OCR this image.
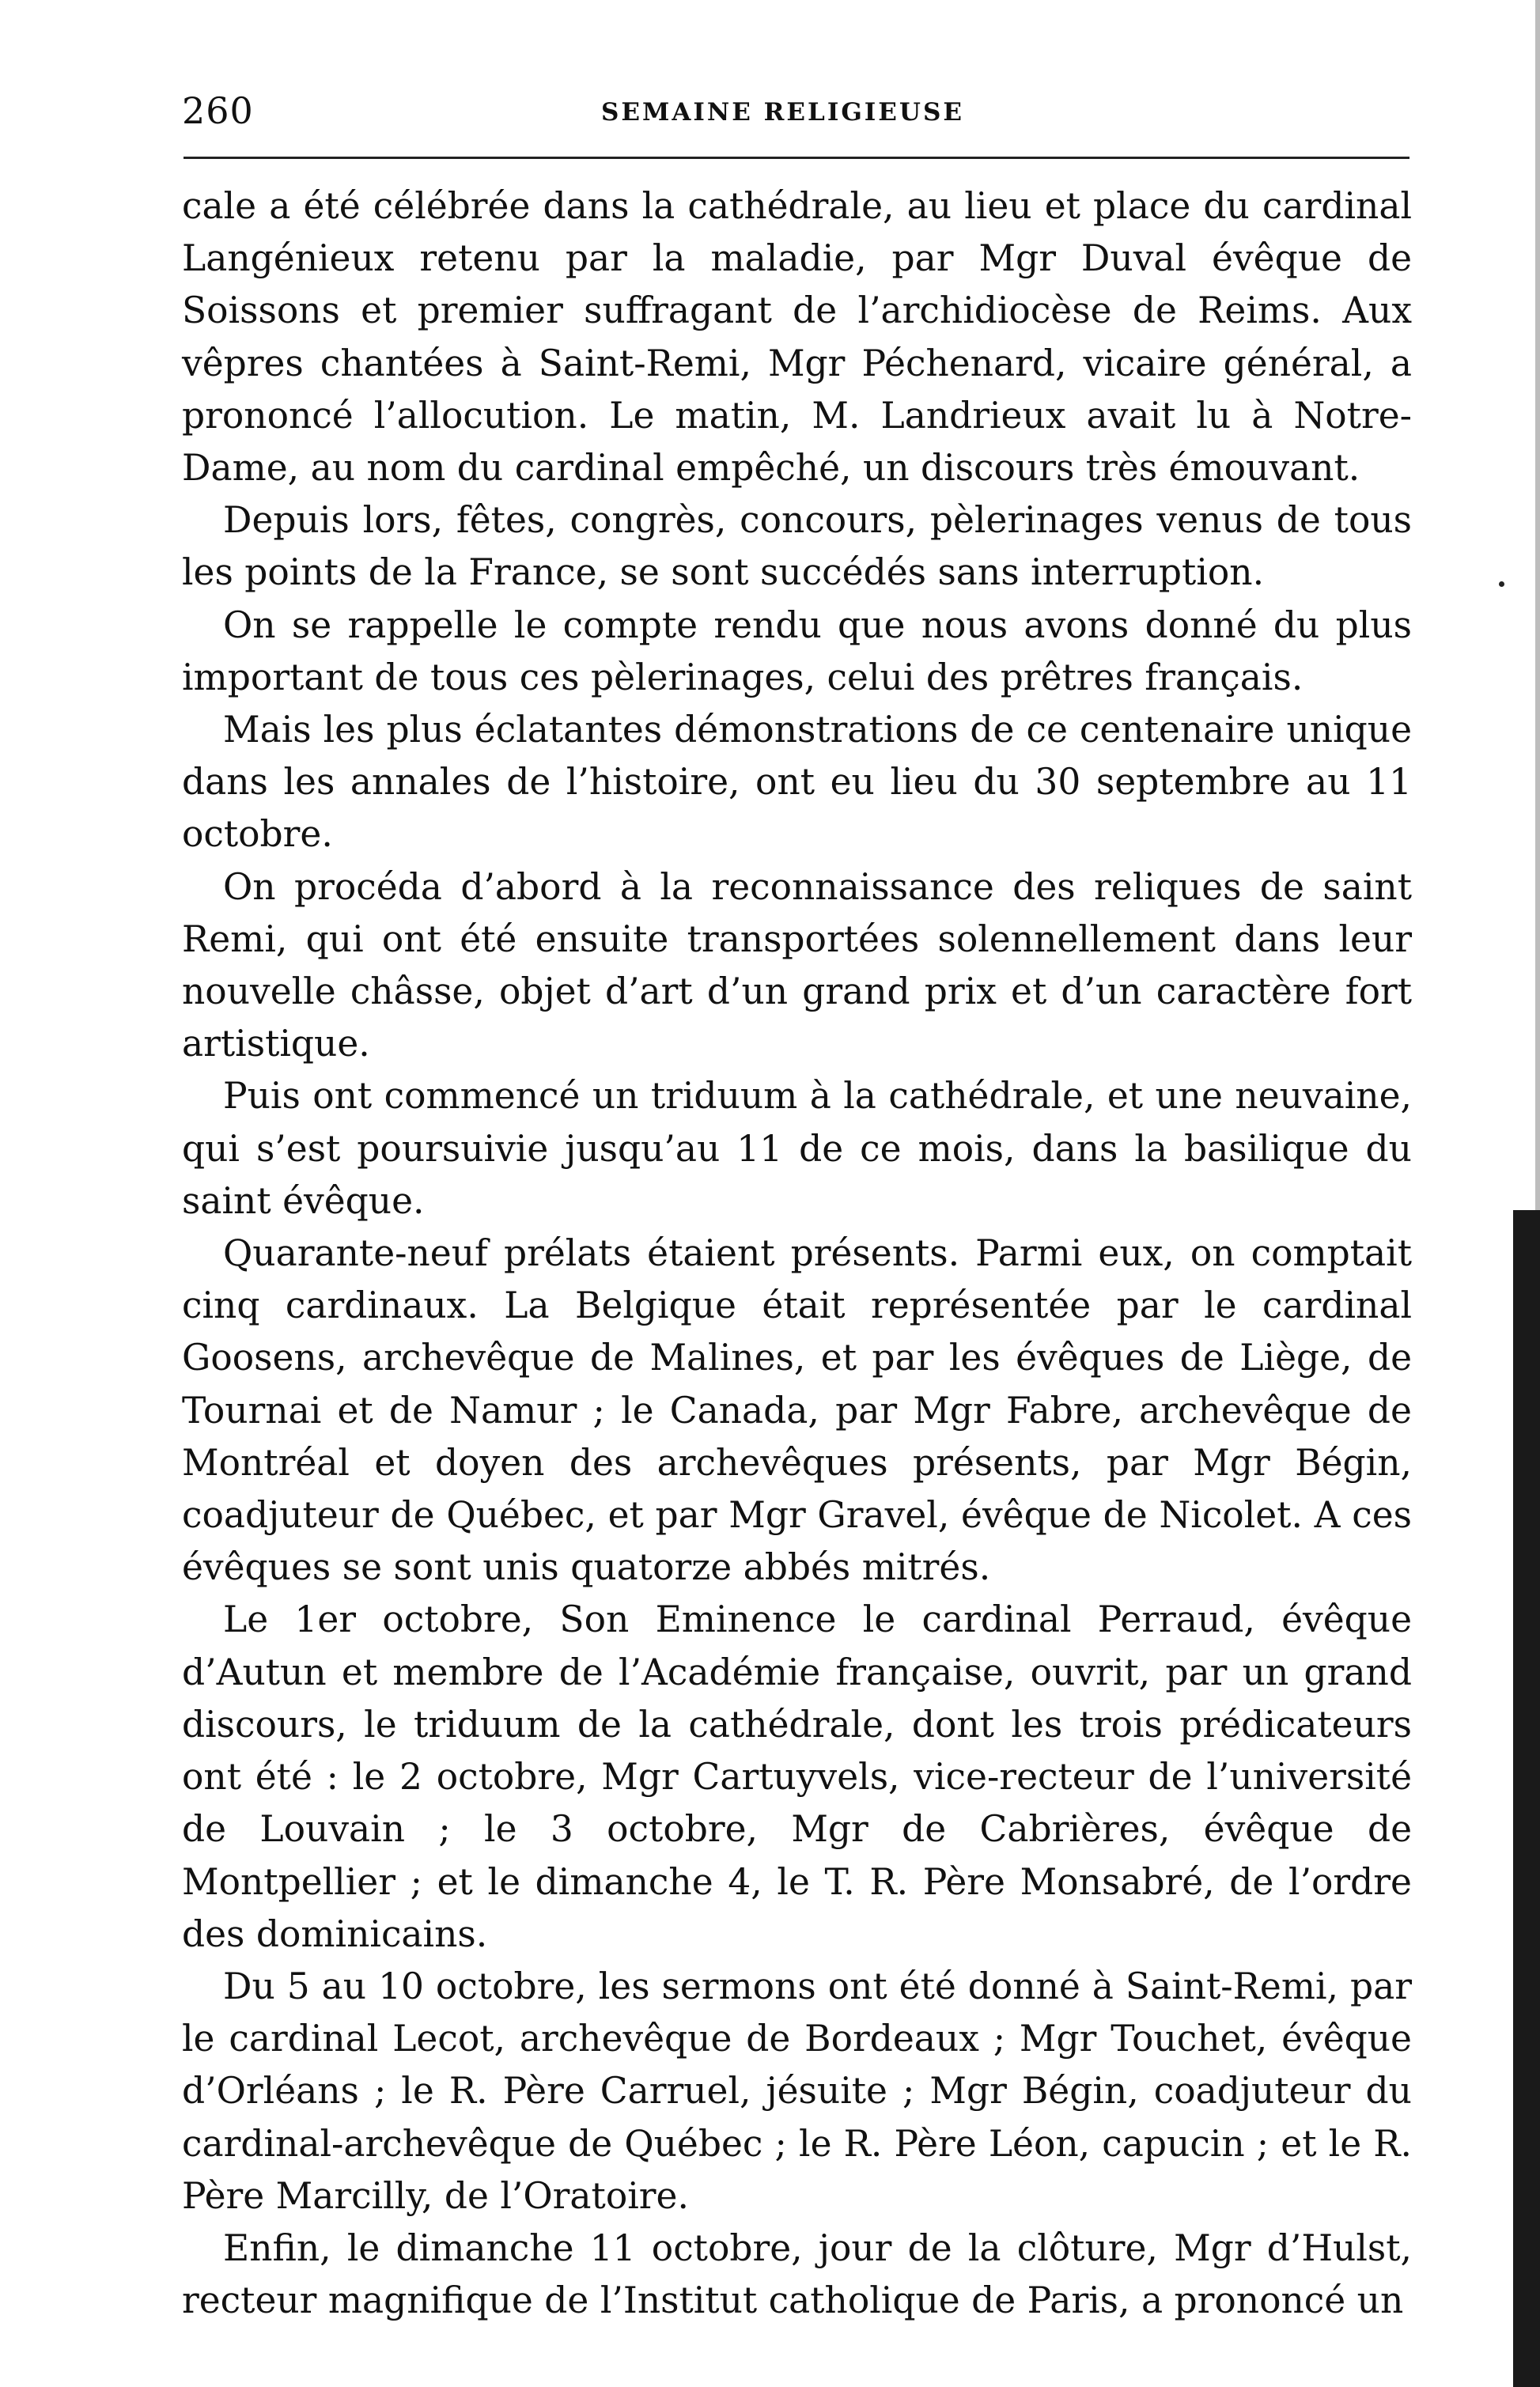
260	SEMAINE RELIGIEUSE

cale a été célébrée dans la cathédrale, au lieu et place du cardinal Langénieux retenu par la maladie, par Mgr Duval évêque de Soissons et premier suffragant de l’archidiocèse de Reims. Aux vêpres chantées à Saint-Remi, Mgr Péchenard, vicaire général, a prononcé l’allocution. Le matin, M. Landrieux avait lu à Notre-Dame, au nom du cardinal empêché, un discours très émouvant.

Depuis lors, fêtes, congrès, concours, pèlerinages venus de tous les points de la France, se sont succédés sans interruption.

On se rappelle le compte rendu que nous avons donné du plus important de tous ces pèlerinages, celui des prêtres français.

Mais les plus éclatantes démonstrations de ce centenaire unique dans les annales de l’histoire, ont eu lieu du 30 septembre au 11 octobre.

On procéda d’abord à la reconnaissance des reliques de saint Remi, qui ont été ensuite transportées solennellement dans leur nouvelle châsse, objet d’art d’un grand prix et d’un caractère fort artistique.

Puis ont commencé un triduum à la cathédrale, et une neuvaine, qui s’est poursuivie jusqu’au 11 de ce mois, dans la basilique du saint évêque.

Quarante-neuf prélats étaient présents. Parmi eux, on comptait cinq cardinaux. La Belgique était représentée par le cardinal Goosens, archevêque de Malines, et par les évêques de Liège, de Tournai et de Namur ; le Canada, par Mgr Fabre, archevêque de Montréal et doyen des archevêques présents, par Mgr Bégin, coadjuteur de Québec, et par Mgr Gravel, évêque de Nicolet. A ces évêques se sont unis quatorze abbés mitrés.

Le 1er octobre, Son Eminence le cardinal Perraud, évêque d’Autun et membre de l’Académie française, ouvrit, par un grand discours, le triduum de la cathédrale, dont les trois prédicateurs ont été : le 2 octobre, Mgr Cartuyvels, vice-recteur de l’université de Louvain ; le 3 octobre, Mgr de Cabrières, évêque de Montpellier ; et le dimanche 4, le T. R. Père Monsabré, de l’ordre des dominicains.

Du 5 au 10 octobre, les sermons ont été donné à Saint-Remi, par le cardinal Lecot, archevêque de Bordeaux ; Mgr Touchet, évêque d’Orléans ; le R. Père Carruel, jésuite ; Mgr Bégin, coadjuteur du cardinal-archevêque de Québec ; le R. Père Léon, capucin ; et le R. Père Marcilly, de l’Oratoire.

Enfin, le dimanche 11 octobre, jour de la clôture, Mgr d’Hulst, recteur magnifique de l’Institut catholique de Paris, a prononcé un
